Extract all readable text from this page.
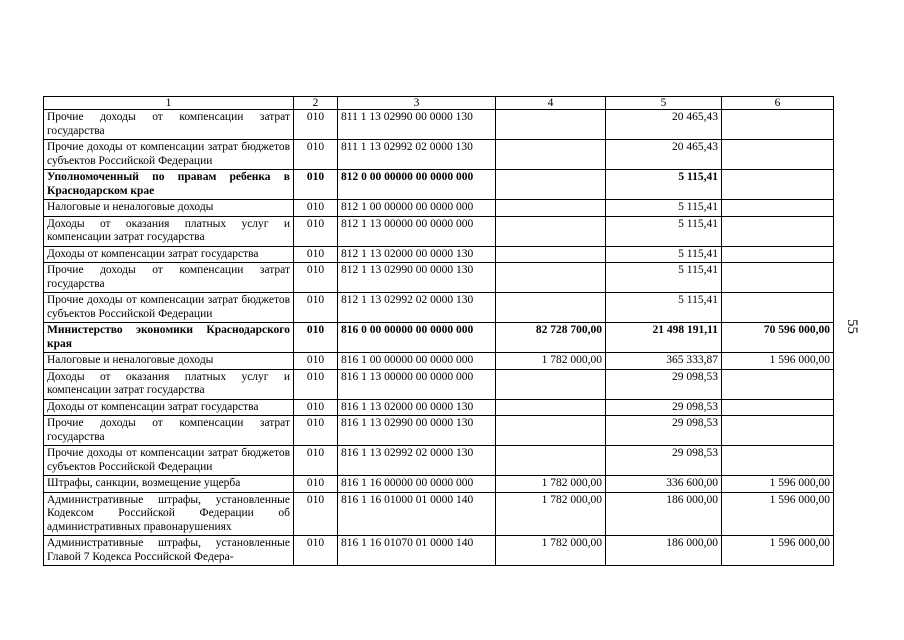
1	2	3	4	5	6
Прочие доходы от компенсации затрат государства	010	811 1 13 02990 00 0000 130		20 465,43	
Прочие доходы от компенсации затрат бюджетов субъектов Российской Федерации	010	811 1 13 02992 02 0000 130		20 465,43	
Уполномоченный по правам ребенка в Краснодарском крае	010	812 0 00 00000 00 0000 000		5 115,41	
Налоговые и неналоговые доходы	010	812 1 00 00000 00 0000 000		5 115,41	
Доходы от оказания платных услуг и компенсации затрат государства	010	812 1 13 00000 00 0000 000		5 115,41	
Доходы от компенсации затрат государства	010	812 1 13 02000 00 0000 130		5 115,41	
Прочие доходы от компенсации затрат государства	010	812 1 13 02990 00 0000 130		5 115,41	
Прочие доходы от компенсации затрат бюджетов субъектов Российской Федерации	010	812 1 13 02992 02 0000 130		5 115,41	
Министерство экономики Краснодарского края	010	816 0 00 00000 00 0000 000	82 728 700,00	21 498 191,11	70 596 000,00
Налоговые и неналоговые доходы	010	816 1 00 00000 00 0000 000	1 782 000,00	365 333,87	1 596 000,00
Доходы от оказания платных услуг и компенсации затрат государства	010	816 1 13 00000 00 0000 000		29 098,53	
Доходы от компенсации затрат государства	010	816 1 13 02000 00 0000 130		29 098,53	
Прочие доходы от компенсации затрат государства	010	816 1 13 02990 00 0000 130		29 098,53	
Прочие доходы от компенсации затрат бюджетов субъектов Российской Федерации	010	816 1 13 02992 02 0000 130		29 098,53	
Штрафы, санкции, возмещение ущерба	010	816 1 16 00000 00 0000 000	1 782 000,00	336 600,00	1 596 000,00
Административные штрафы, установленные Кодексом Российской Федерации об административных правонарушениях	010	816 1 16 01000 01 0000 140	1 782 000,00	186 000,00	1 596 000,00
Административные штрафы, установленные Главой 7 Кодекса Российской Федера-	010	816 1 16 01070 01 0000 140	1 782 000,00	186 000,00	1 596 000,00
55
